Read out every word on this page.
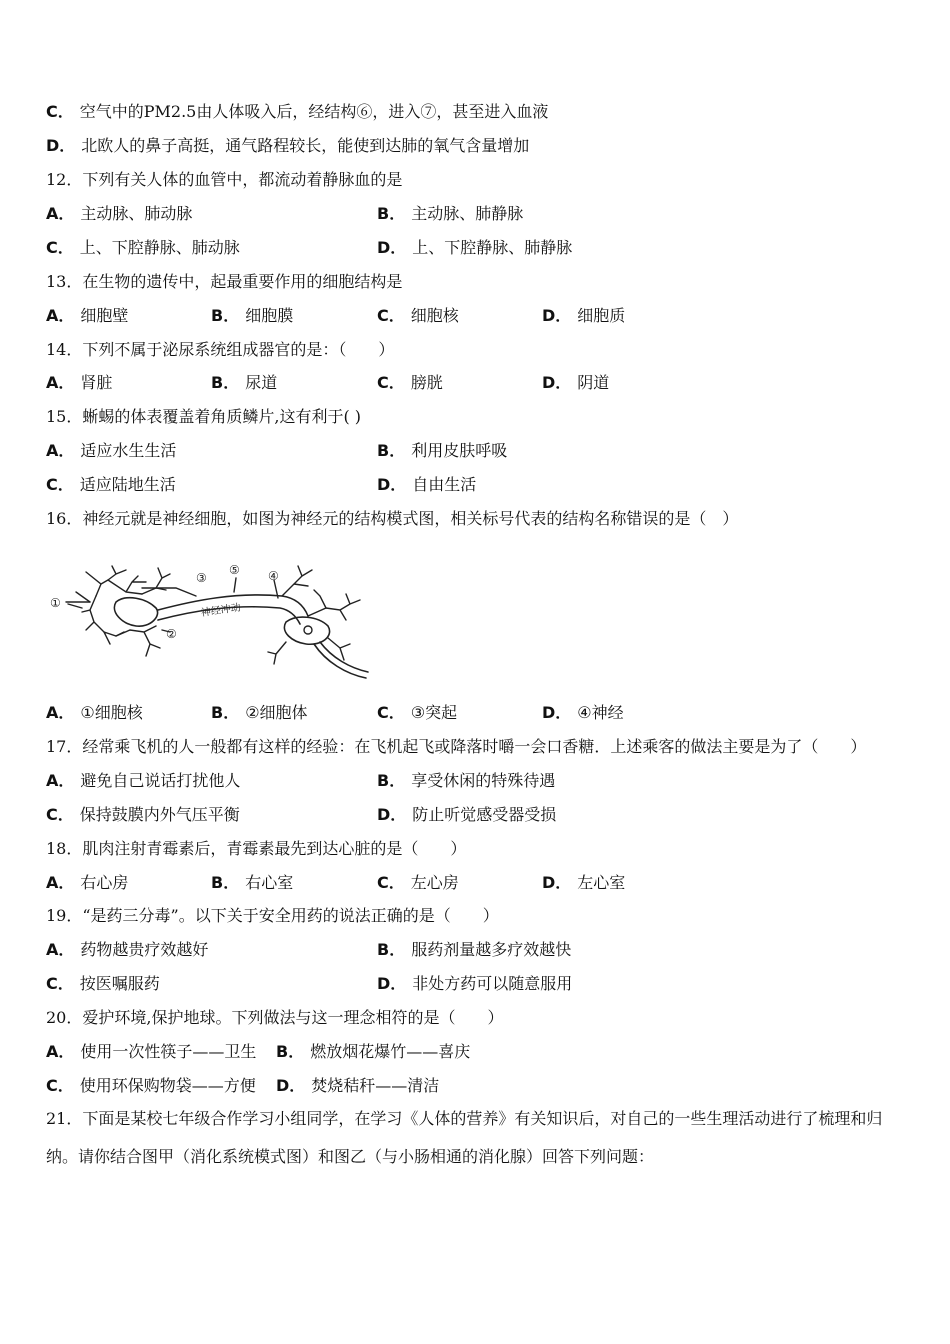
C． 空气中的PM2.5由人体吸入后，经结构⑥，进入⑦，甚至进入血液
D． 北欧人的鼻子高挺，通气路程较长，能使到达肺的氧气含量增加
12．下列有关人体的血管中，都流动着静脉血的是
A． 主动脉、肺动脉	B． 主动脉、肺静脉
C． 上、下腔静脉、肺动脉	D． 上、下腔静脉、肺静脉
13．在生物的遗传中，起最重要作用的细胞结构是
A． 细胞壁	B． 细胞膜	C． 细胞核	D． 细胞质
14．下列不属于泌尿系统组成器官的是：（　　）
A． 肾脏	B． 尿道	C． 膀胱	D． 阴道
15．蜥蜴的体表覆盖着角质鳞片,这有利于( )
A． 适应水生生活	B． 利用皮肤呼吸
C． 适应陆地生活	D． 自由生活
16．神经元就是神经细胞，如图为神经元的结构模式图，相关标号代表的结构名称错误的是（　）
①
②
③
⑤ ④
神经冲动
A． ①细胞核	B． ②细胞体	C． ③突起	D． ④神经
17．经常乘飞机的人一般都有这样的经验：在飞机起飞或降落时嚼一会口香糖．上述乘客的做法主要是为了（　　）
A． 避免自己说话打扰他人	B． 享受休闲的特殊待遇
C． 保持鼓膜内外气压平衡	D． 防止听觉感受器受损
18．肌肉注射青霉素后，青霉素最先到达心脏的是（　　）
A． 右心房	B． 右心室	C． 左心房	D． 左心室
19．“是药三分毒”。以下关于安全用药的说法正确的是（　　）
A． 药物越贵疗效越好	B． 服药剂量越多疗效越快
C． 按医嘱服药	D． 非处方药可以随意服用
20．爱护环境,保护地球。下列做法与这一理念相符的是（　　）
A． 使用一次性筷子——卫生 B． 燃放烟花爆竹——喜庆
C． 使用环保购物袋——方便 D． 焚烧秸秆——清洁
21．下面是某校七年级合作学习小组同学，在学习《人体的营养》有关知识后，对自己的一些生理活动进行了梳理和归纳。请你结合图甲（消化系统模式图）和图乙（与小肠相通的消化腺）回答下列问题：
